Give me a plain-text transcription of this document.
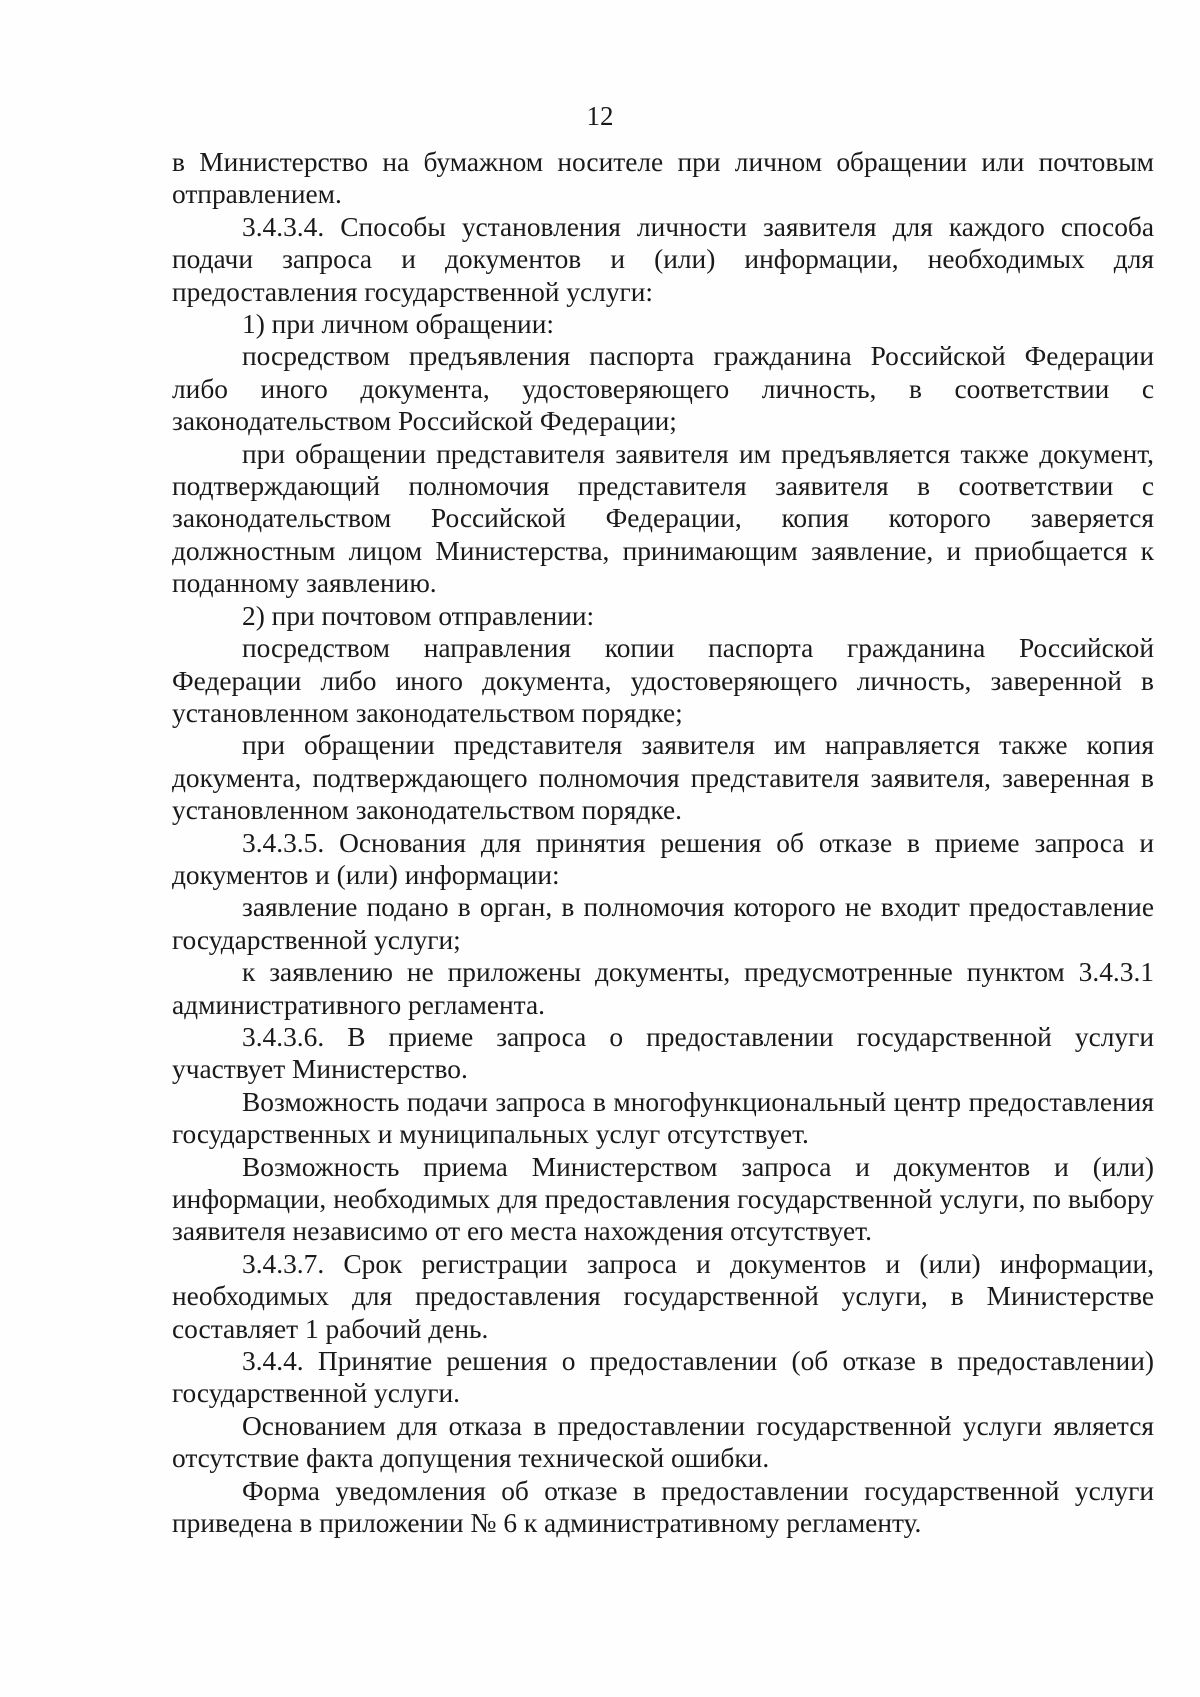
12

в Министерство на бумажном носителе при личном обращении или почтовым отправлением.

3.4.3.4. Способы установления личности заявителя для каждого способа подачи запроса и документов и (или) информации, необходимых для предоставления государственной услуги:

1) при личном обращении:

посредством предъявления паспорта гражданина Российской Федерации либо иного документа, удостоверяющего личность, в соответствии с законодательством Российской Федерации;

при обращении представителя заявителя им предъявляется также документ, подтверждающий полномочия представителя заявителя в соответствии с законодательством Российской Федерации, копия которого заверяется должностным лицом Министерства, принимающим заявление, и приобщается к поданному заявлению.

2) при почтовом отправлении:

посредством направления копии паспорта гражданина Российской Федерации либо иного документа, удостоверяющего личность, заверенной в установленном законодательством порядке;

при обращении представителя заявителя им направляется также копия документа, подтверждающего полномочия представителя заявителя, заверенная в установленном законодательством порядке.

3.4.3.5. Основания для принятия решения об отказе в приеме запроса и документов и (или) информации:

заявление подано в орган, в полномочия которого не входит предоставление государственной услуги;

к заявлению не приложены документы, предусмотренные пунктом 3.4.3.1 административного регламента.

3.4.3.6. В приеме запроса о предоставлении государственной услуги участвует Министерство.

Возможность подачи запроса в многофункциональный центр предоставления государственных и муниципальных услуг отсутствует.

Возможность приема Министерством запроса и документов и (или) информации, необходимых для предоставления государственной услуги, по выбору заявителя независимо от его места нахождения отсутствует.

3.4.3.7. Срок регистрации запроса и документов и (или) информации, необходимых для предоставления государственной услуги, в Министерстве составляет 1 рабочий день.

3.4.4. Принятие решения о предоставлении (об отказе в предоставлении) государственной услуги.

Основанием для отказа в предоставлении государственной услуги является отсутствие факта допущения технической ошибки.

Форма уведомления об отказе в предоставлении государственной услуги приведена в приложении № 6 к административному регламенту.
